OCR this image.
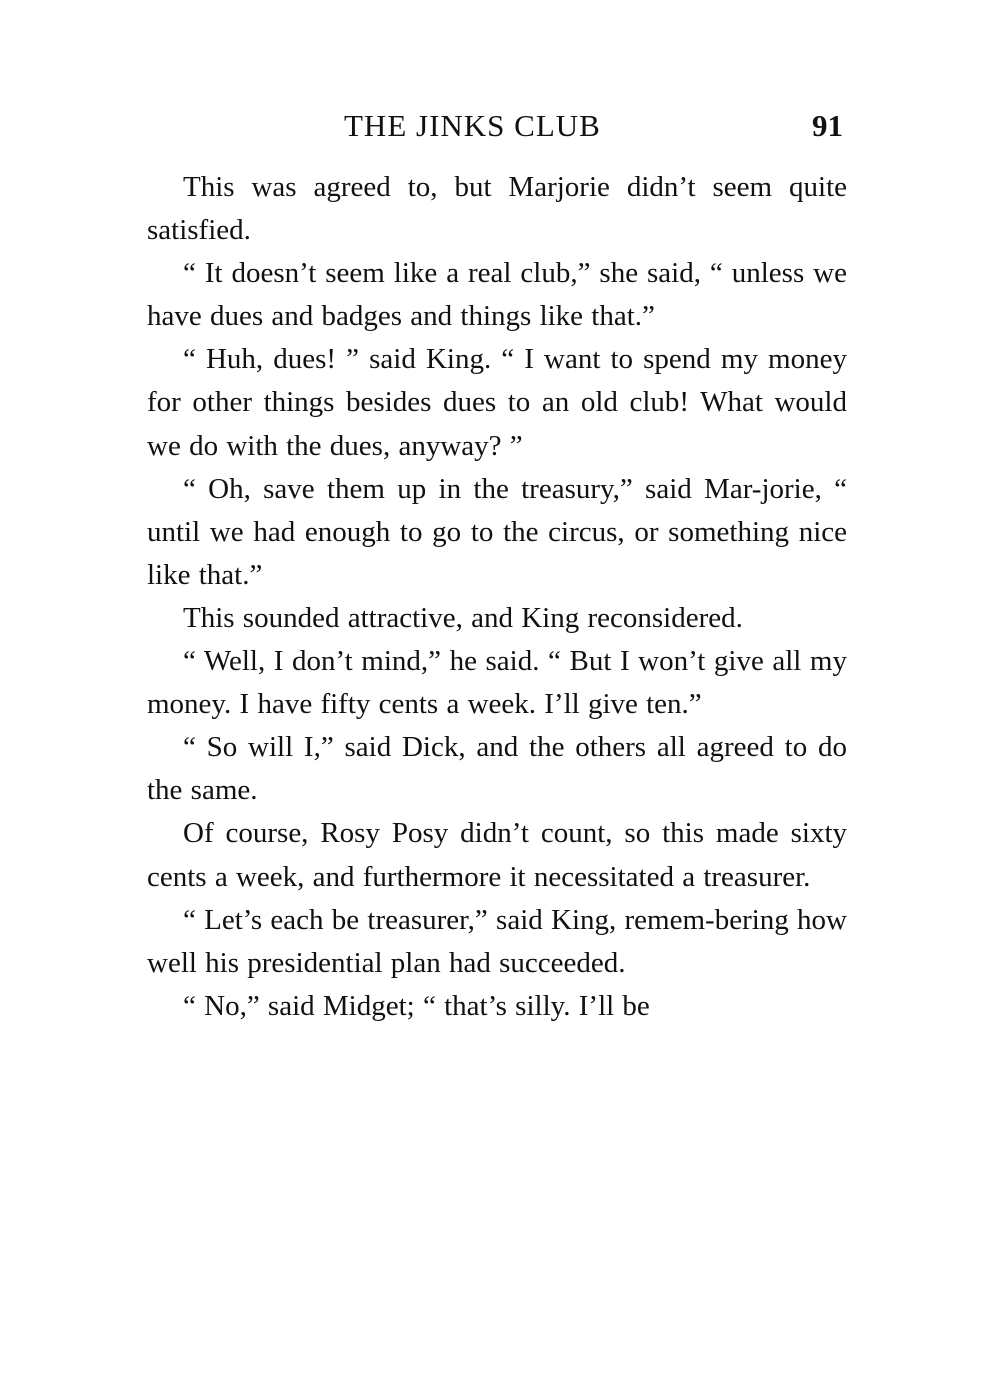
THE JINKS CLUB	91

This was agreed to, but Marjorie didn’t seem quite satisfied.

“ It doesn’t seem like a real club,” she said, “ unless we have dues and badges and things like that.”

“ Huh, dues! ” said King. “ I want to spend my money for other things besides dues to an old club! What would we do with the dues, anyway? ”

“ Oh, save them up in the treasury,” said Mar-jorie, “ until we had enough to go to the circus, or something nice like that.”

This sounded attractive, and King reconsidered.

“ Well, I don’t mind,” he said. “ But I won’t give all my money. I have fifty cents a week. I’ll give ten.”

“ So will I,” said Dick, and the others all agreed to do the same.

Of course, Rosy Posy didn’t count, so this made sixty cents a week, and furthermore it necessitated a treasurer.

“ Let’s each be treasurer,” said King, remem-bering how well his presidential plan had succeeded.

“ No,” said Midget; “ that’s silly. I’ll be
